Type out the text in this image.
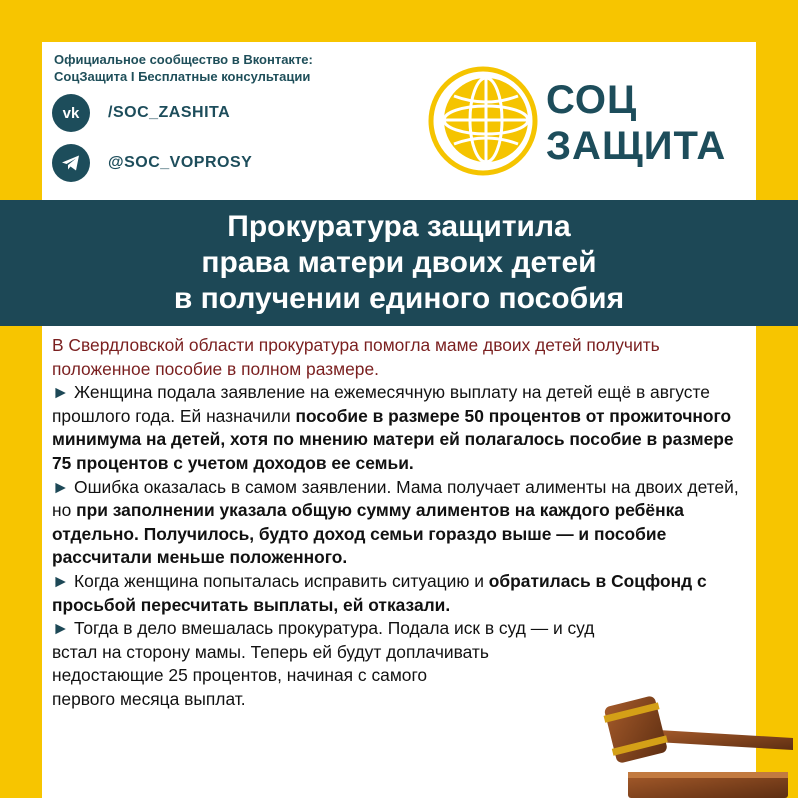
Официальное сообщество в Вконтакте:
СоцЗащита I Бесплатные консультации
vk /SOC_ZASHITA
@SOC_VOPROSY
СОЦ
ЗАЩИТА
Прокуратура защитила
права матери двоих детей
в получении единого пособия

В Свердловской области прокуратура помогла маме двоих детей получить положенное пособие в полном размере.

► Женщина подала заявление на ежемесячную выплату на детей ещё в августе прошлого года. Ей назначили пособие в размере 50 процентов от прожиточного минимума на детей, хотя по мнению матери ей полагалось пособие в размере 75 процентов с учетом доходов ее семьи.

► Ошибка оказалась в самом заявлении. Мама получает алименты на двоих детей, но при заполнении указала общую сумму алиментов на каждого ребёнка отдельно. Получилось, будто доход семьи гораздо выше — и пособие рассчитали меньше положенного.

► Когда женщина попыталась исправить ситуацию и обратилась в Соцфонд с просьбой пересчитать выплаты, ей отказали.

► Тогда в дело вмешалась прокуратура. Подала иск в суд — и суд
встал на сторону мамы. Теперь ей будут доплачивать
недостающие 25 процентов, начиная с самого
первого месяца выплат.
